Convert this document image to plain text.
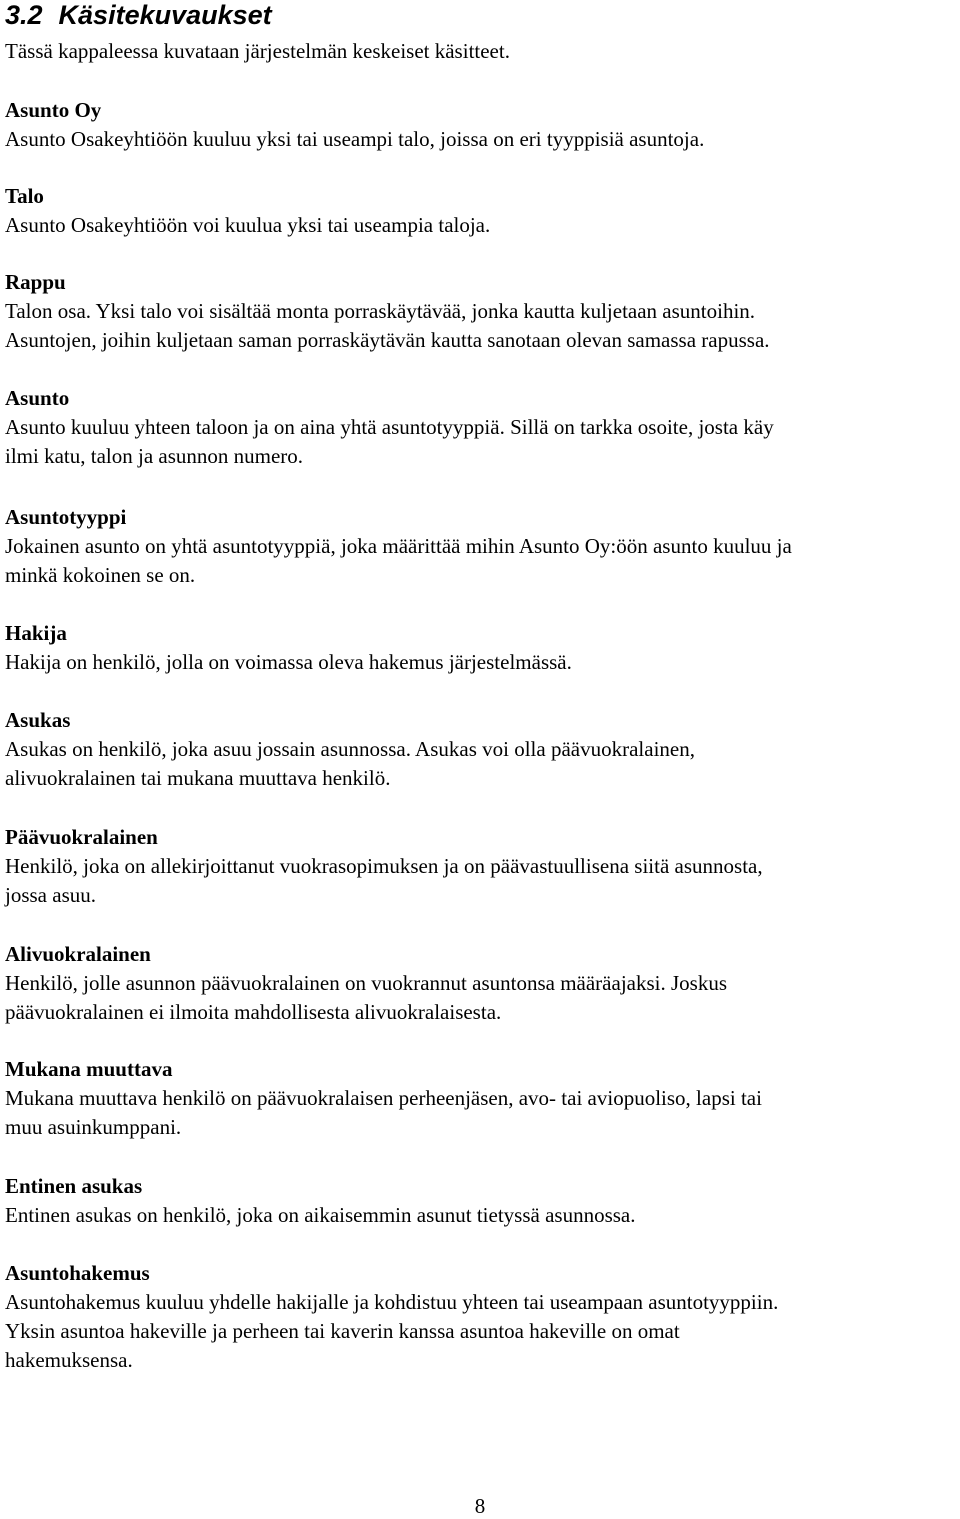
3.2 Käsitekuvaukset

Tässä kappaleessa kuvataan järjestelmän keskeiset käsitteet.

Asunto Oy

Asunto Osakeyhtiöön kuuluu yksi tai useampi talo, joissa on eri tyyppisiä asuntoja.

Talo

Asunto Osakeyhtiöön voi kuulua yksi tai useampia taloja.

Rappu

Talon osa. Yksi talo voi sisältää monta porraskäytävää, jonka kautta kuljetaan asuntoihin.

Asuntojen, joihin kuljetaan saman porraskäytävän kautta sanotaan olevan samassa rapussa.

Asunto

Asunto kuuluu yhteen taloon ja on aina yhtä asuntotyyppiä. Sillä on tarkka osoite, josta käy

ilmi katu, talon ja asunnon numero.

Asuntotyyppi

Jokainen asunto on yhtä asuntotyyppiä, joka määrittää mihin Asunto Oy:öön asunto kuuluu ja

minkä kokoinen se on.

Hakija

Hakija on henkilö, jolla on voimassa oleva hakemus järjestelmässä.

Asukas

Asukas on henkilö, joka asuu jossain asunnossa. Asukas voi olla päävuokralainen,

alivuokralainen tai mukana muuttava henkilö.

Päävuokralainen

Henkilö, joka on allekirjoittanut vuokrasopimuksen ja on päävastuullisena siitä asunnosta,

jossa asuu.

Alivuokralainen

Henkilö, jolle asunnon päävuokralainen on vuokrannut asuntonsa määräajaksi. Joskus

päävuokralainen ei ilmoita mahdollisesta alivuokralaisesta.

Mukana muuttava

Mukana muuttava henkilö on päävuokralaisen perheenjäsen, avo- tai aviopuoliso, lapsi tai

muu asuinkumppani.

Entinen asukas

Entinen asukas on henkilö, joka on aikaisemmin asunut tietyssä asunnossa.

Asuntohakemus

Asuntohakemus kuuluu yhdelle hakijalle ja kohdistuu yhteen tai useampaan asuntotyyppiin.

Yksin asuntoa hakeville ja perheen tai kaverin kanssa asuntoa hakeville on omat

hakemuksensa.

8
